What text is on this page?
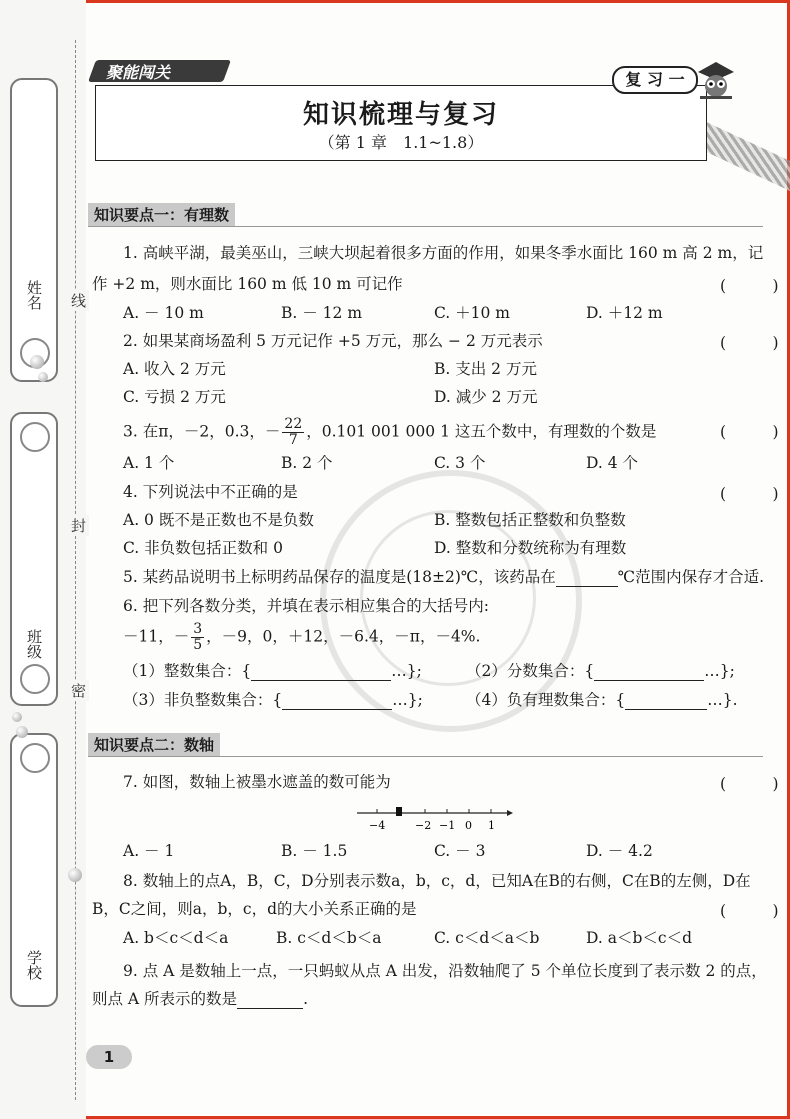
线
封
密
姓名
班级
学校
聚能闯关
知识梳理与复习
（第 1 章　1.1~1.8）
复 习 一
知识要点一：有理数
1. 高峡平湖，最美巫山，三峡大坝起着很多方面的作用，如果冬季水面比 160 m 高 2 m，记
作 +2 m，则水面比 160 m 低 10 m 可记作	(　　　)
A. － 10 m	B. － 12 m	C. ＋10 m	D. ＋12 m
2. 如果某商场盈利 5 万元记作 +5 万元，那么 − 2 万元表示	(　　　)
A. 收入 2 万元	B. 支出 2 万元
C. 亏损 2 万元	D. 减少 2 万元
3. 在π，－2，0.3，－ $\frac{22}{7}$ ，0.101 001 000 1 这五个数中，有理数的个数是	(　　　)
A. 1 个	B. 2 个	C. 3 个	D. 4 个
4. 下列说法中不正确的是	(　　　)
A. 0 既不是正数也不是负数	B. 整数包括正整数和负整数
C. 非负数包括正数和 0	D. 整数和分数统称为有理数
5. 某药品说明书上标明药品保存的温度是(18±2)℃，该药品在	℃范围内保存才合适.
6. 把下列各数分类，并填在表示相应集合的大括号内:
－11，－ $\frac{3}{5}$ ，－9，0，＋12，－6.4，－π，－4%.
（1）整数集合：{	…};	（2）分数集合：{	…};
（3）非负整数集合：{	…};	（4）负有理数集合：{	…}.
知识要点二：数轴
7. 如图，数轴上被墨水遮盖的数可能为	(　　　)
−4	−2 −1 0 1
A. － 1	B. － 1.5	C. － 3	D. － 4.2
8. 数轴上的点A，B，C，D分别表示数a，b，c，d，已知A在B的右侧，C在B的左侧，D在
B，C之间，则a，b，c，d的大小关系正确的是	(　　　)
A. b＜c＜d＜a	B. c＜d＜b＜a	C. c＜d＜a＜b	D. a＜b＜c＜d
9. 点 A 是数轴上一点，一只蚂蚁从点 A 出发，沿数轴爬了 5 个单位长度到了表示数 2 的点，
则点 A 所表示的数是	.
1
